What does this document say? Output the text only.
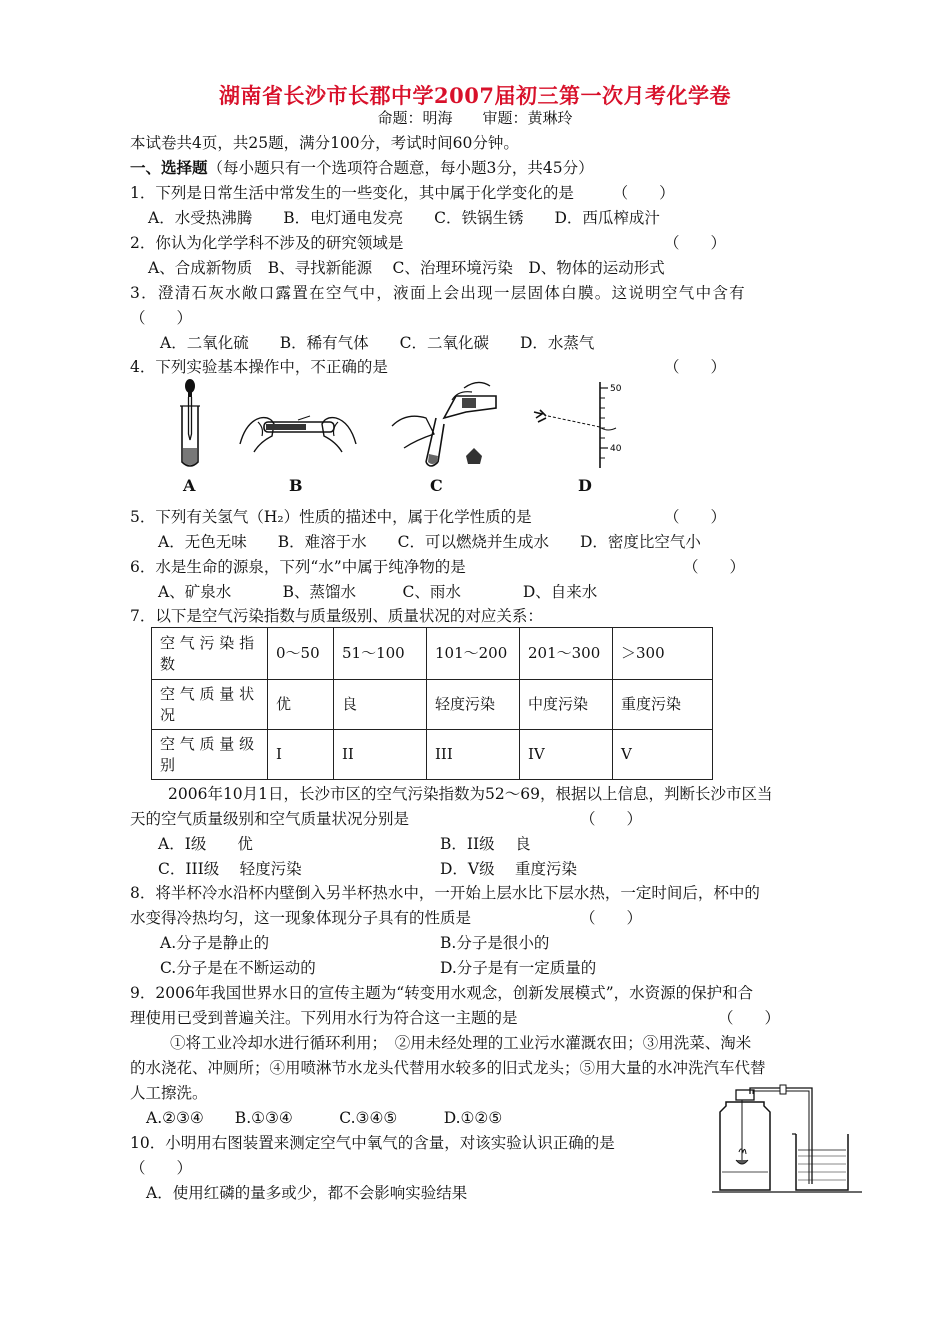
湖南省长沙市长郡中学2007届初三第一次月考化学卷
命题：明海　　审题：黄琳玲
本试卷共4页，共25题，满分100分，考试时间60分钟。
一、选择题（每小题只有一个选项符合题意，每小题3分，共45分）
1．下列是日常生活中常发生的一些变化，其中属于化学变化的是　　　（　　）
A．水受热沸腾　　B．电灯通电发亮　　C．铁锅生锈　　D．西瓜榨成汁
2．你认为化学学科不涉及的研究领域是	（　　）
A、合成新物质　B、寻找新能源　 C、治理环境污染　D、物体的运动形式
3．澄清石灰水敞口露置在空气中，液面上会出现一层固体白膜。这说明空气中含有
（　　）
A．二氧化硫　　B．稀有气体　　C．二氧化碳　　D．水蒸气
4．下列实验基本操作中，不正确的是	（　　）
50
40
A	B	C	D
5．下列有关氢气（H₂）性质的描述中，属于化学性质的是	（　　）
A．无色无味　　B．难溶于水　　C．可以燃烧并生成水　　D．密度比空气小
6．水是生命的源泉，下列“水”中属于纯净物的是	（　　）
A、矿泉水　　　 B、蒸馏水　　　C、雨水　　　　D、自来水
7．以下是空气污染指数与质量级别、质量状况的对应关系：
空 气 污 染 指
数	0～50	51～100	101～200	201～300	＞300
空 气 质 量 状
况	优	良	轻度污染	中度污染	重度污染
空 气 质 量 级
别	I	II	III	IV	V
2006年10月1日，长沙市区的空气污染指数为52～69，根据以上信息，判断长沙市区当
天的空气质量级别和空气质量状况分别是	（　　）
A．I级　　优	B．II级　 良
C．III级　 轻度污染	D．V级　 重度污染
8．将半杯冷水沿杯内壁倒入另半杯热水中，一开始上层水比下层水热，一定时间后，杯中的
水变得冷热均匀，这一现象体现分子具有的性质是	（　　）
A.分子是静止的	B.分子是很小的
C.分子是在不断运动的	D.分子是有一定质量的
9．2006年我国世界水日的宣传主题为“转变用水观念，创新发展模式”，水资源的保护和合
理使用已受到普遍关注。下列用水行为符合这一主题的是	（　　）
①将工业冷却水进行循环利用；　②用未经处理的工业污水灌溉农田；③用洗菜、淘米
的水浇花、冲厕所；④用喷淋节水龙头代替用水较多的旧式龙头；⑤用大量的水冲洗汽车代替
人工擦洗。
A.②③④　　B.①③④　　　C.③④⑤　　　D.①②⑤
10．小明用右图装置来测定空气中氧气的含量，对该实验认识正确的是
（　　）
A．使用红磷的量多或少，都不会影响实验结果
